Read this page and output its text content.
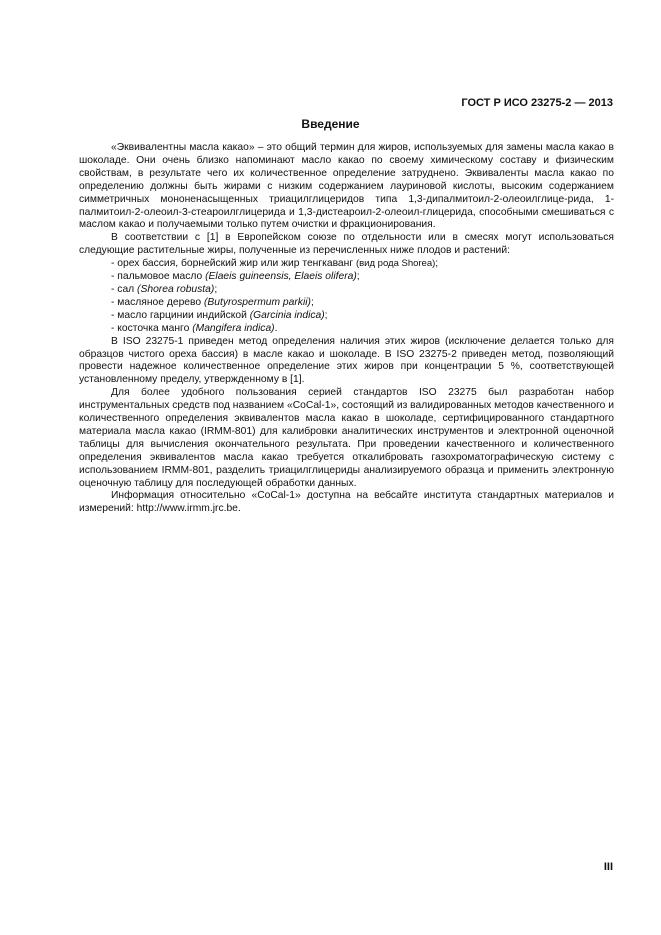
ГОСТ Р ИСО 23275-2 — 2013
Введение

«Эквивалентны масла какао» – это общий термин для жиров, используемых для замены масла какао в шоколаде. Они очень близко напоминают масло какао по своему химическому составу и физическим свойствам, в результате чего их количественное определение затруднено. Эквиваленты масла какао по определению должны быть жирами с низким содержанием лауриновой кислоты, высоким содержанием симметричных мононенасыщенных триацилглицеридов типа 1,3-дипалмитоил-2-олеоилглице-рида, 1-палмитоил-2-олеоил-3-стеароилглицерида и 1,3-дистеароил-2-олеоил-глицерида, способными смешиваться с маслом какао и получаемыми только путем очистки и фракционирования.

В соответствии с [1] в Европейском союзе по отдельности или в смесях могут использоваться следующие растительные жиры, полученные из перечисленных ниже плодов и растений:

- орех бассия, борнейский жир или жир тенгкаванг (вид рода Shorea);
- пальмовое масло (Elaeis guineensis, Elaeis olifera);
- сал (Shorea robusta);
- масляное дерево (Butyrospermum parkii);
- масло гарцинии индийской (Garcinia indica);
- косточка манго (Mangifera indica).

В ISO 23275-1 приведен метод определения наличия этих жиров (исключение делается только для образцов чистого ореха бассия) в масле какао и шоколаде. В ISO 23275-2 приведен метод, позволяющий провести надежное количественное определение этих жиров при концентрации 5 %, соответствующей установленному пределу, утвержденному в [1].

Для более удобного пользования серией стандартов ISO 23275 был разработан набор инструментальных средств под названием «CoCal-1», состоящий из валидированных методов качественного и количественного определения эквивалентов масла какао в шоколаде, сертифицированного стандартного материала масла какао (IRMM-801) для калибровки аналитических инструментов и электронной оценочной таблицы для вычисления окончательного результата. При проведении качественного и количественного определения эквивалентов масла какао требуется откалибровать газохроматографическую систему с использованием IRMM-801, разделить триацилглицериды анализируемого образца и применить электронную оценочную таблицу для последующей обработки данных.

Информация относительно «CoCal-1» доступна на вебсайте института стандартных материалов и измерений: http://www.irmm.jrc.be.

III
